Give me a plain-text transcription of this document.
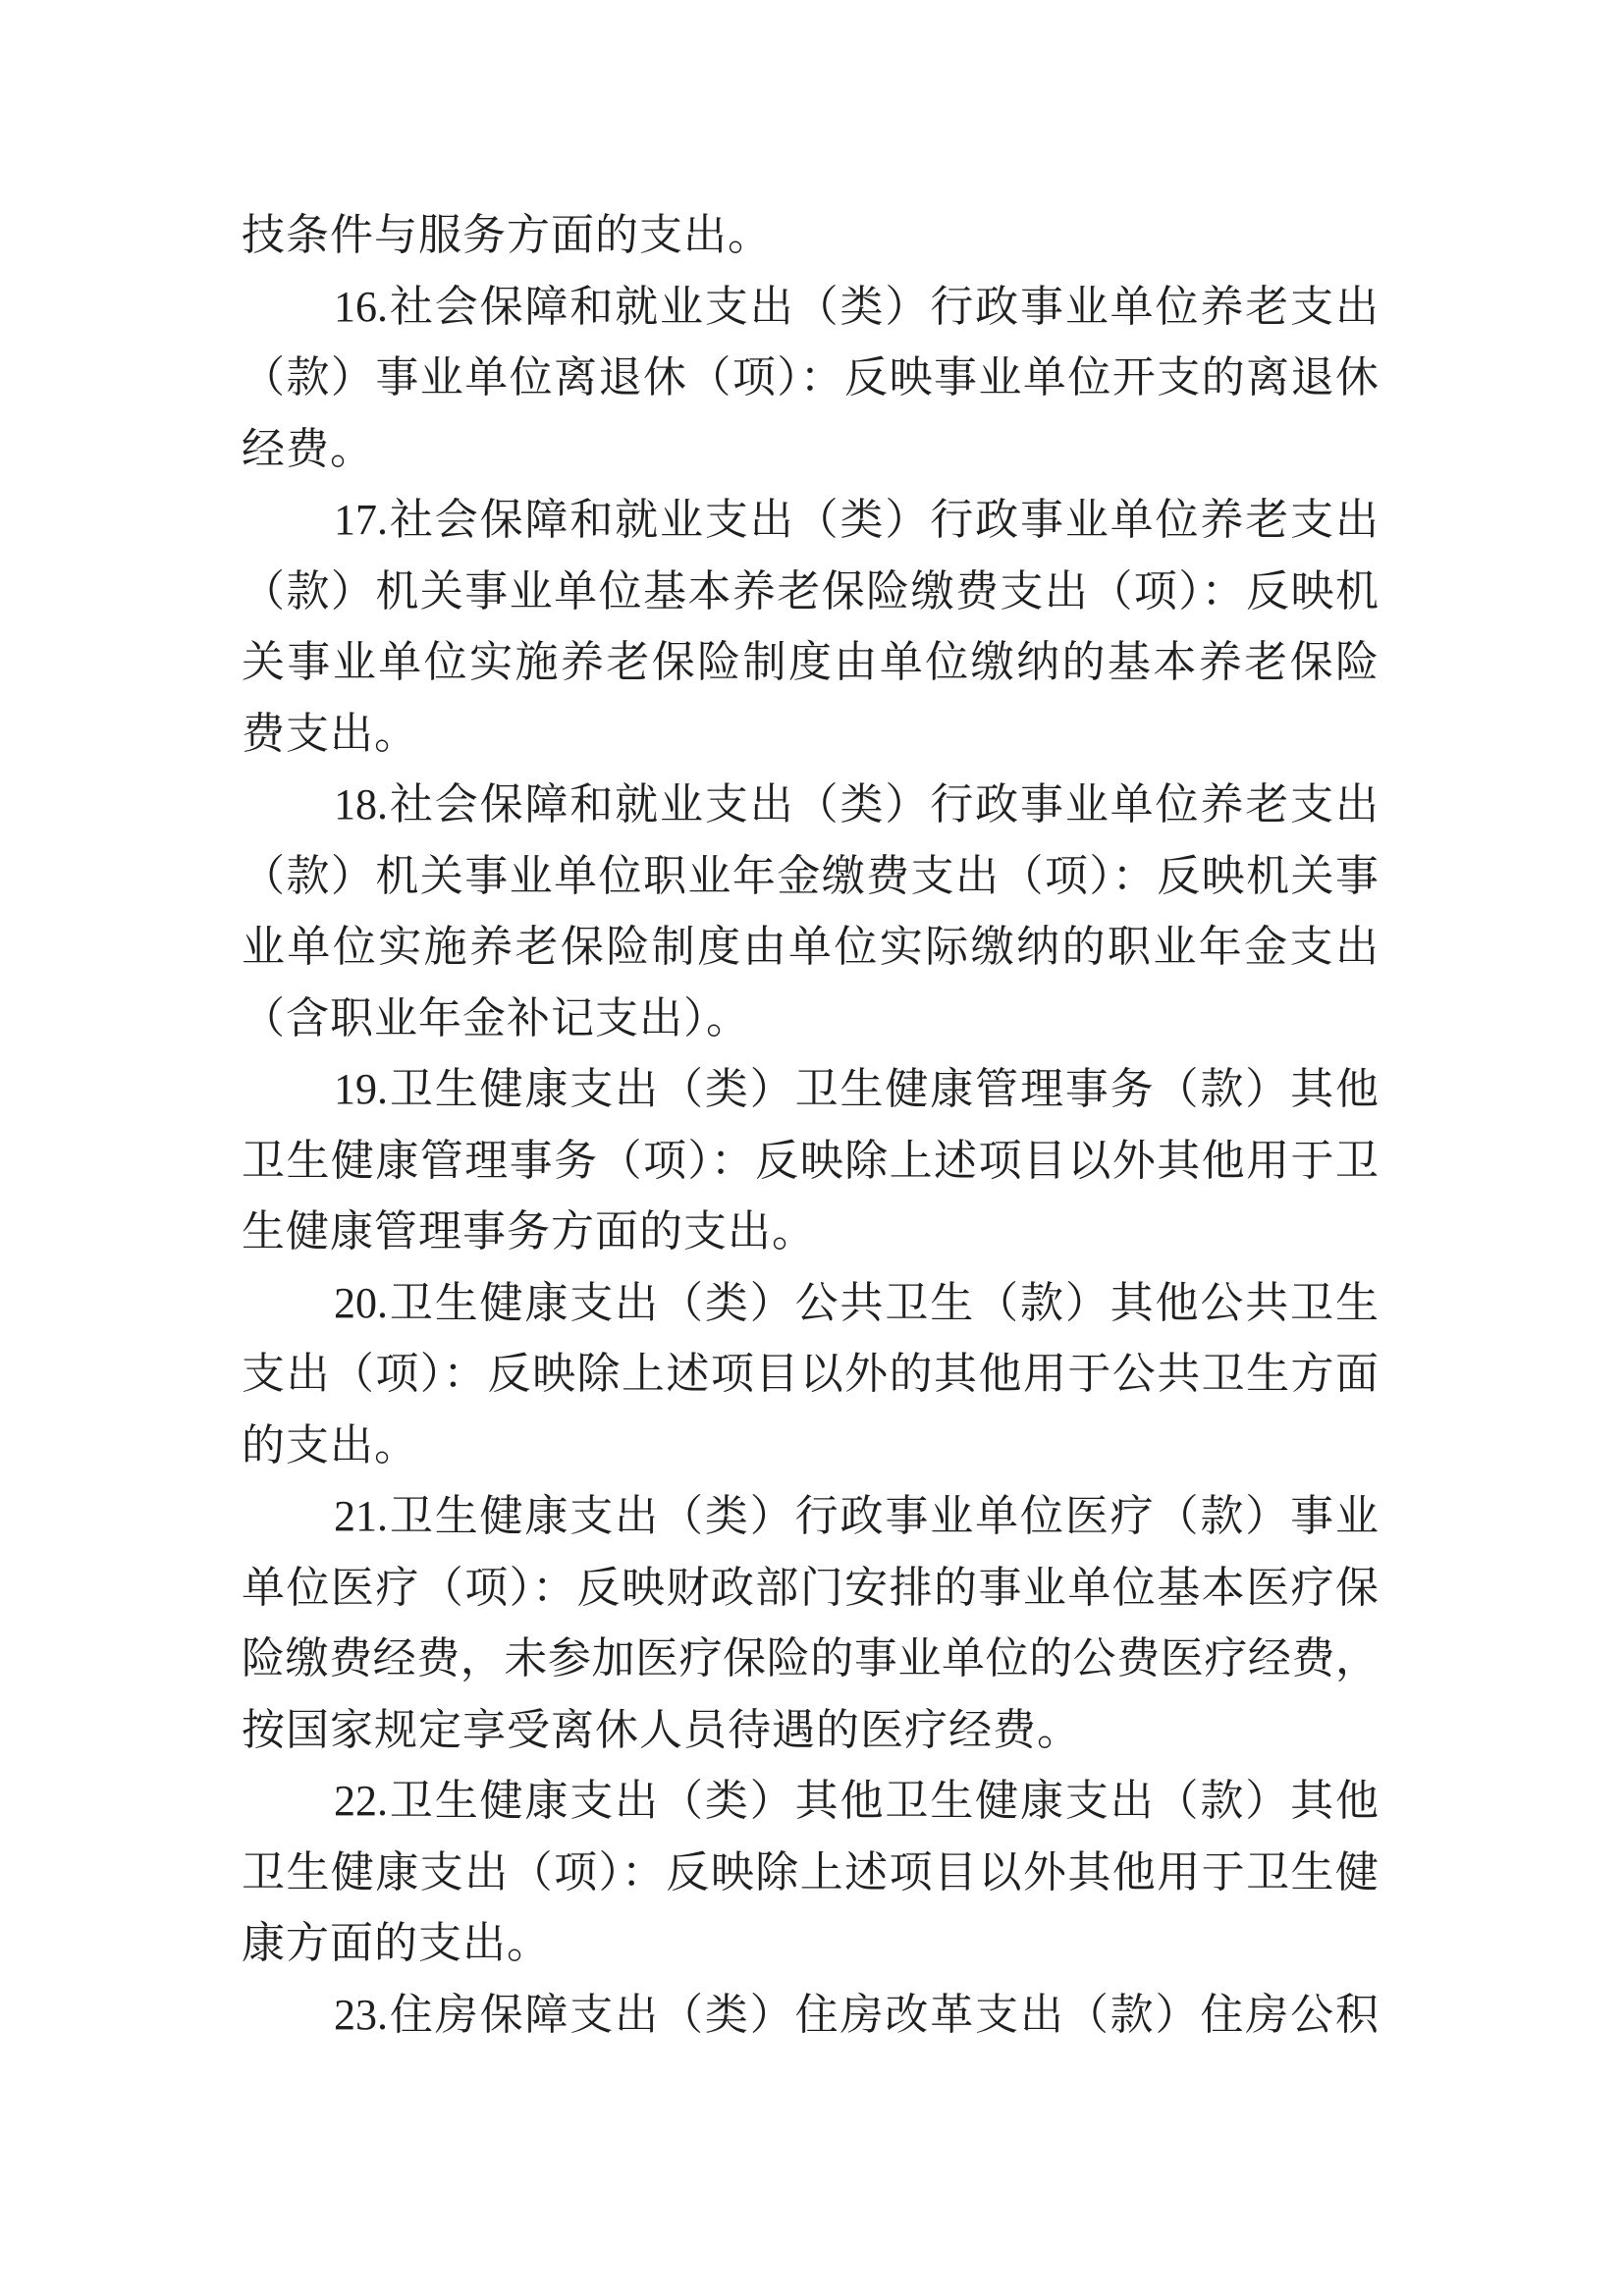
技条件与服务方面的支出。
16.社会保障和就业支出（类）行政事业单位养老支出
（款）事业单位离退休（项）：反映事业单位开支的离退休
经费。
17.社会保障和就业支出（类）行政事业单位养老支出
（款）机关事业单位基本养老保险缴费支出（项）：反映机
关事业单位实施养老保险制度由单位缴纳的基本养老保险
费支出。
18.社会保障和就业支出（类）行政事业单位养老支出
（款）机关事业单位职业年金缴费支出（项）：反映机关事
业单位实施养老保险制度由单位实际缴纳的职业年金支出
（含职业年金补记支出）。
19.卫生健康支出（类）卫生健康管理事务（款）其他
卫生健康管理事务（项）：反映除上述项目以外其他用于卫
生健康管理事务方面的支出。
20.卫生健康支出（类）公共卫生（款）其他公共卫生
支出（项）：反映除上述项目以外的其他用于公共卫生方面
的支出。
21.卫生健康支出（类）行政事业单位医疗（款）事业
单位医疗（项）：反映财政部门安排的事业单位基本医疗保
险缴费经费，未参加医疗保险的事业单位的公费医疗经费，
按国家规定享受离休人员待遇的医疗经费。
22.卫生健康支出（类）其他卫生健康支出（款）其他
卫生健康支出（项）：反映除上述项目以外其他用于卫生健
康方面的支出。
23.住房保障支出（类）住房改革支出（款）住房公积
